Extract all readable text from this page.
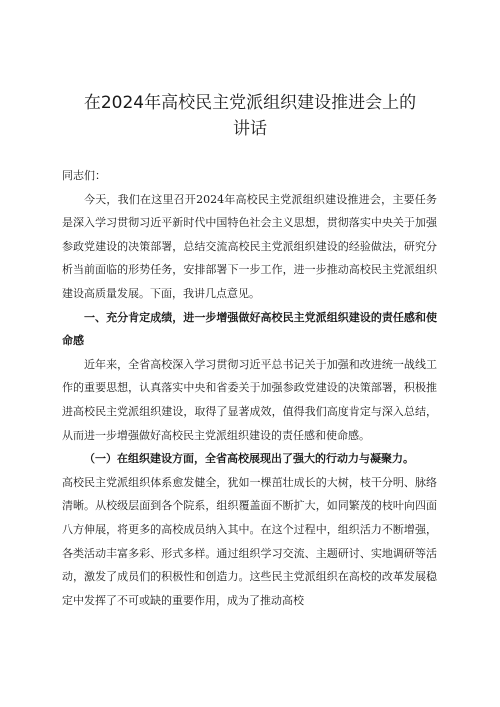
在2024年高校民主党派组织建设推进会上的
讲话

同志们：

今天，我们在这里召开2024年高校民主党派组织建设推进会，主要任务是深入学习贯彻习近平新时代中国特色社会主义思想，贯彻落实中央关于加强参政党建设的决策部署，总结交流高校民主党派组织建设的经验做法，研究分析当前面临的形势任务，安排部署下一步工作，进一步推动高校民主党派组织建设高质量发展。下面，我讲几点意见。

一、充分肯定成绩，进一步增强做好高校民主党派组织建设的责任感和使命感

近年来，全省高校深入学习贯彻习近平总书记关于加强和改进统一战线工作的重要思想，认真落实中央和省委关于加强参政党建设的决策部署，积极推进高校民主党派组织建设，取得了显著成效，值得我们高度肯定与深入总结，从而进一步增强做好高校民主党派组织建设的责任感和使命感。

（一）在组织建设方面，全省高校展现出了强大的行动力与凝聚力。

高校民主党派组织体系愈发健全，犹如一棵茁壮成长的大树，枝干分明、脉络清晰。从校级层面到各个院系，组织覆盖面不断扩大，如同繁茂的枝叶向四面八方伸展，将更多的高校成员纳入其中。在这个过程中，组织活力不断增强，各类活动丰富多彩、形式多样。通过组织学习交流、主题研讨、实地调研等活动，激发了成员们的积极性和创造力。这些民主党派组织在高校的改革发展稳定中发挥了不可或缺的重要作用，成为了推动高校
